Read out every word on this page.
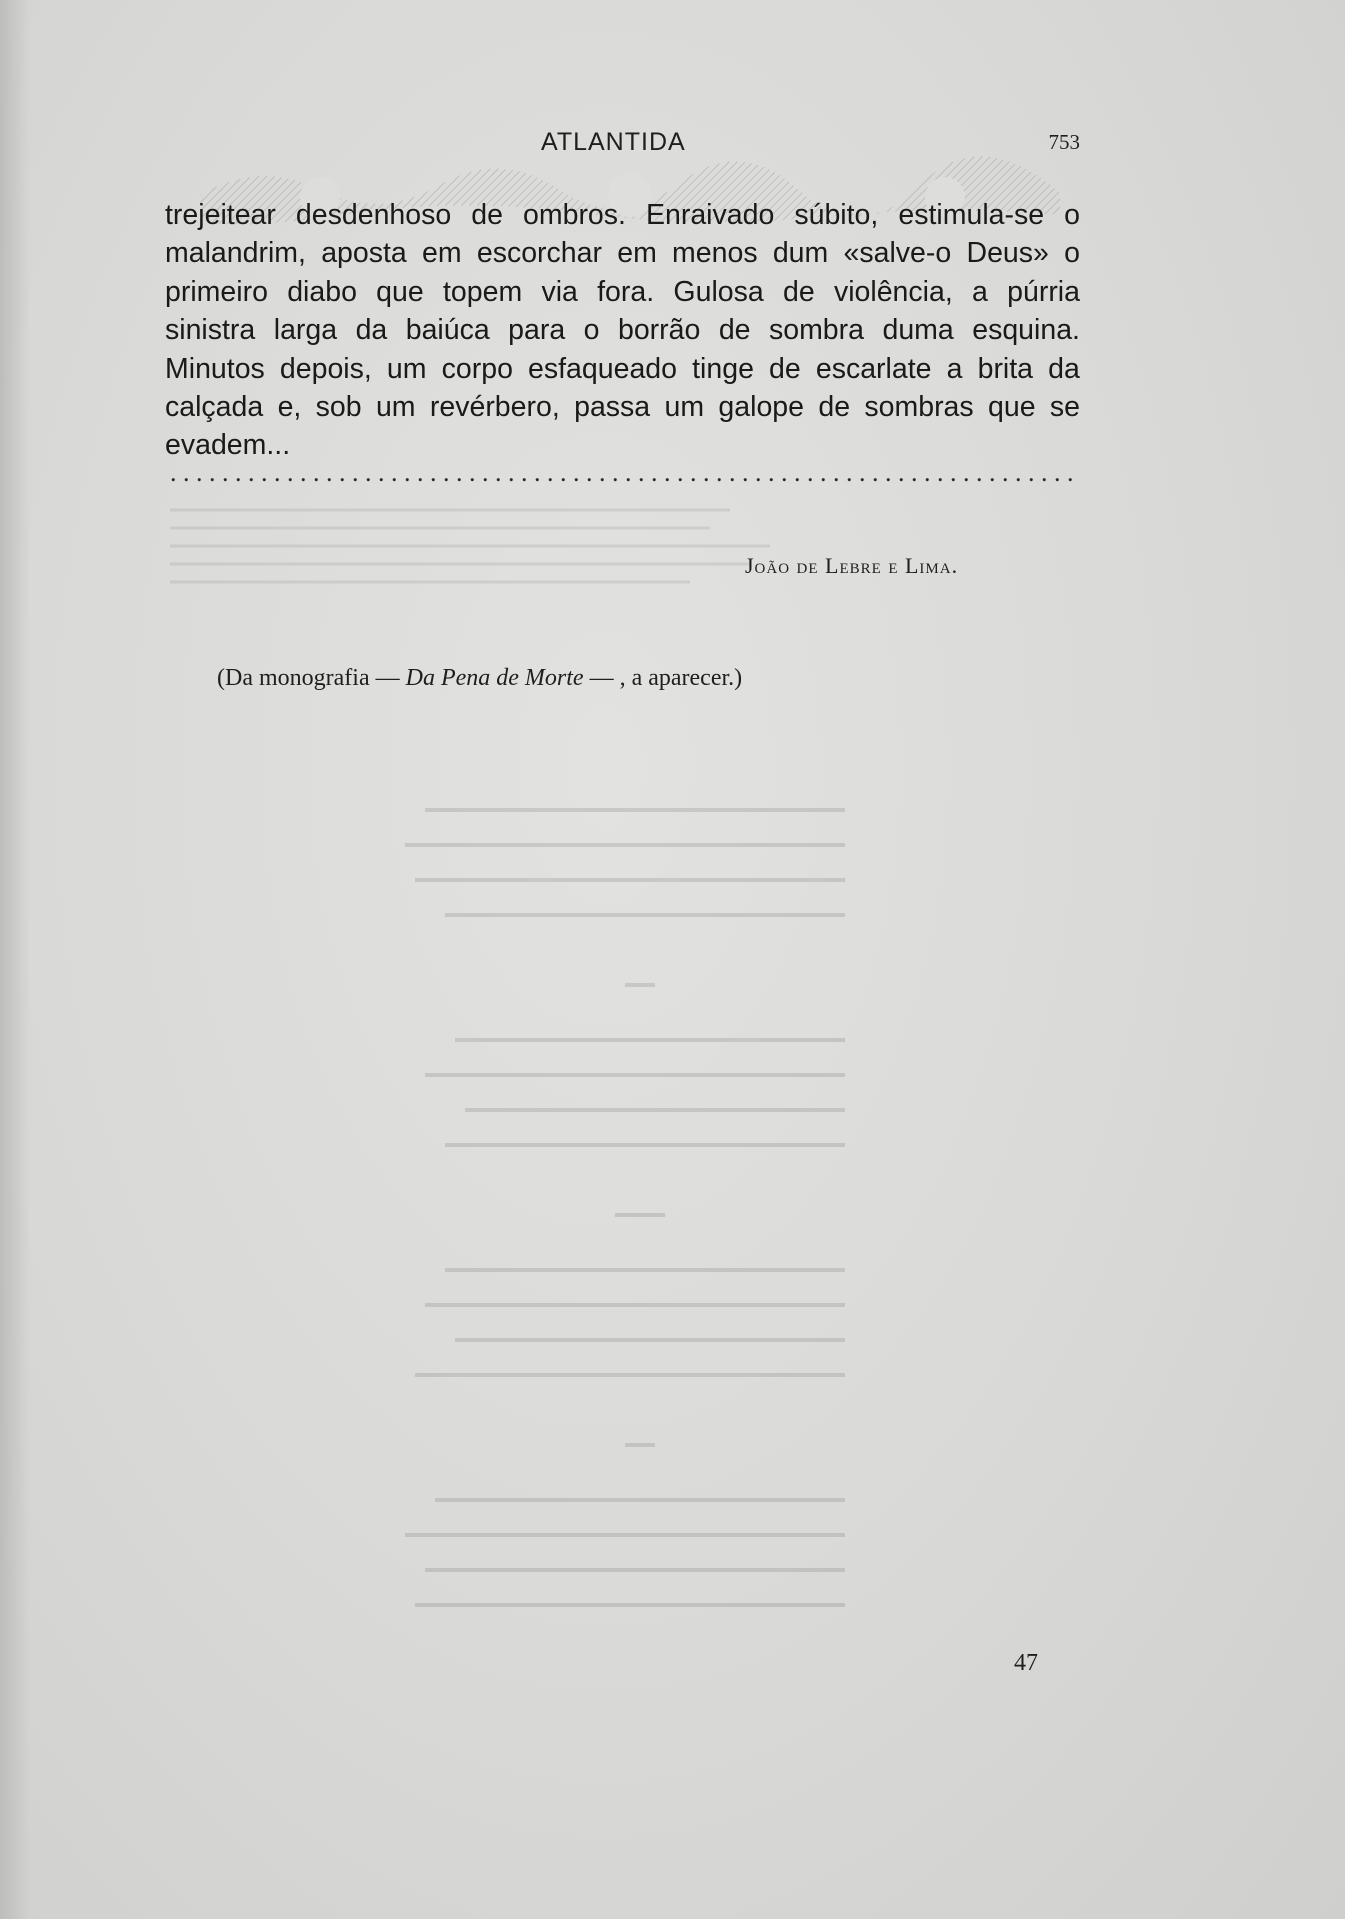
ATLANTIDA	753
trejeitear desdenhoso de ombros. Enraivado súbito, estimula-se o
malandrim, aposta em escorchar em menos dum «salve-o Deus» o
primeiro diabo que topem via fora. Gulosa de violência, a púrria
sinistra larga da baiúca para o borrão de sombra duma esquina.
Minutos depois, um corpo esfaqueado tinge de escarlate a brita da
calçada e, sob um revérbero, passa um galope de sombras que se
evadem...
......................................................................
João de Lebre e Lima.
(Da monografia — Da Pena de Morte — , a aparecer.)
47
